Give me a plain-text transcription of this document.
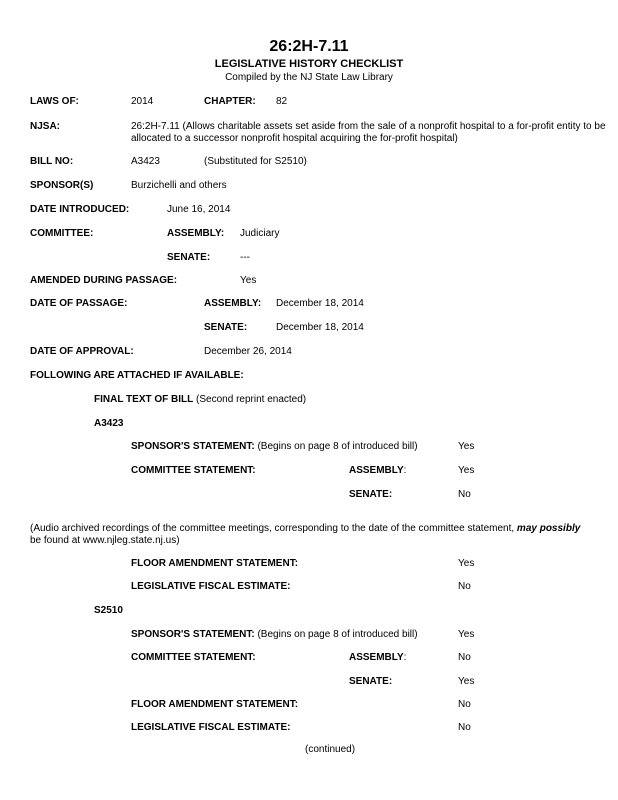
26:2H-7.11
LEGISLATIVE HISTORY CHECKLIST
Compiled by the NJ State Law Library
LAWS OF:	2014	CHAPTER: 82
NJSA:	26:2H-7.11 (Allows charitable assets set aside from the sale of a nonprofit hospital to a for-profit entity to be
allocated to a successor nonprofit hospital acquiring the for-profit hospital)
BILL NO:	A3423	(Substituted for S2510)
SPONSOR(S)	Burzichelli and others
DATE INTRODUCED:	June 16, 2014
COMMITTEE:	ASSEMBLY: Judiciary
SENATE:	---
AMENDED DURING PASSAGE:	Yes
DATE OF PASSAGE:	ASSEMBLY: December 18, 2014
SENATE:	December 18, 2014
DATE OF APPROVAL:	December 26, 2014
FOLLOWING ARE ATTACHED IF AVAILABLE:
FINAL TEXT OF BILL (Second reprint enacted)
A3423
SPONSOR'S STATEMENT: (Begins on page 8 of introduced bill)	Yes
COMMITTEE STATEMENT:	ASSEMBLY:	Yes
SENATE:	No
(Audio archived recordings of the committee meetings, corresponding to the date of the committee statement, may possibly
be found at www.njleg.state.nj.us)
FLOOR AMENDMENT STATEMENT:	Yes
LEGISLATIVE FISCAL ESTIMATE:	No
S2510
SPONSOR'S STATEMENT: (Begins on page 8 of introduced bill)	Yes
COMMITTEE STATEMENT:	ASSEMBLY:	No
SENATE:	Yes
FLOOR AMENDMENT STATEMENT:	No
LEGISLATIVE FISCAL ESTIMATE:	No
(continued)
